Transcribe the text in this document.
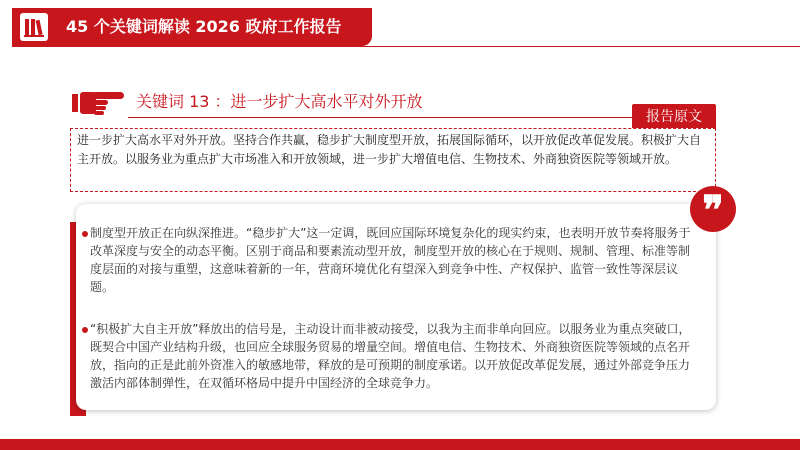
45 个关键词解读 2026 政府工作报告
关键词 13 ：进一步扩大高水平对外开放
报告原文

进一步扩大高水平对外开放。坚持合作共赢，稳步扩大制度型开放，拓展国际循环，以开放促改革促发展。积极扩大自主开放。以服务业为重点扩大市场准入和开放领域，进一步扩大增值电信、生物技术、外商独资医院等领域开放。

制度型开放正在向纵深推进。“稳步扩大”这一定调，既回应国际环境复杂化的现实约束，也表明开放节奏将服务于改革深度与安全的动态平衡。区别于商品和要素流动型开放，制度型开放的核心在于规则、规制、管理、标准等制度层面的对接与重塑，这意味着新的一年，营商环境优化有望深入到竞争中性、产权保护、监管一致性等深层议题。

“积极扩大自主开放”释放出的信号是，主动设计而非被动接受，以我为主而非单向回应。以服务业为重点突破口，既契合中国产业结构升级，也回应全球服务贸易的增量空间。增值电信、生物技术、外商独资医院等领域的点名开放，指向的正是此前外资准入的敏感地带，释放的是可预期的制度承诺。以开放促改革促发展，通过外部竞争压力激活内部体制弹性，在双循环格局中提升中国经济的全球竞争力。

❞
